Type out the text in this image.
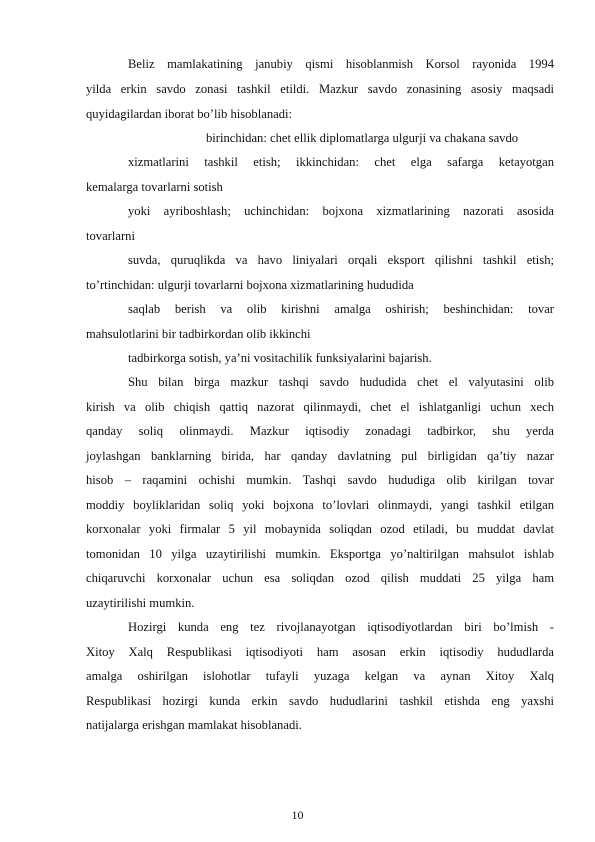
Beliz mamlakatining janubiy qismi hisoblanmish Korsol rayonida 1994
yilda erkin savdo zonasi tashkil etildi. Mazkur savdo zonasining asosiy maqsadi
quyidagilardan iborat bo’lib hisoblanadi:
birinchidan: chet ellik diplomatlarga ulgurji va chakana savdo
xizmatlarini tashkil etish; ikkinchidan: chet elga safarga ketayotgan
kemalarga tovarlarni sotish
yoki ayriboshlash; uchinchidan: bojxona xizmatlarining nazorati asosida
tovarlarni
suvda, quruqlikda va havo liniyalari orqali eksport qilishni tashkil etish;
to’rtinchidan: ulgurji tovarlarni bojxona xizmatlarining hududida
saqlab berish va olib kirishni amalga oshirish; beshinchidan: tovar
mahsulotlarini bir tadbirkordan olib ikkinchi
tadbirkorga sotish, ya’ni vositachilik funksiyalarini bajarish.
Shu bilan birga mazkur tashqi savdo hududida chet el valyutasini olib
kirish va olib chiqish qattiq nazorat qilinmaydi, chet el ishlatganligi uchun xech
qanday soliq olinmaydi. Mazkur iqtisodiy zonadagi tadbirkor, shu yerda
joylashgan banklarning birida, har qanday davlatning pul birligidan qa’tiy nazar
hisob – raqamini ochishi mumkin. Tashqi savdo hududiga olib kirilgan tovar
moddiy boyliklaridan soliq yoki bojxona to’lovlari olinmaydi, yangi tashkil etilgan
korxonalar yoki firmalar 5 yil mobaynida soliqdan ozod etiladi, bu muddat davlat
tomonidan 10 yilga uzaytirilishi mumkin. Eksportga yo’naltirilgan mahsulot ishlab
chiqaruvchi korxonalar uchun esa soliqdan ozod qilish muddati 25 yilga ham
uzaytirilishi mumkin.
Hozirgi kunda eng tez rivojlanayotgan iqtisodiyotlardan biri bo’lmish -
Xitoy Xalq Respublikasi iqtisodiyoti ham asosan erkin iqtisodiy hududlarda
amalga oshirilgan islohotlar tufayli yuzaga kelgan va aynan Xitoy Xalq
Respublikasi hozirgi kunda erkin savdo hududlarini tashkil etishda eng yaxshi
natijalarga erishgan mamlakat hisoblanadi.
10
